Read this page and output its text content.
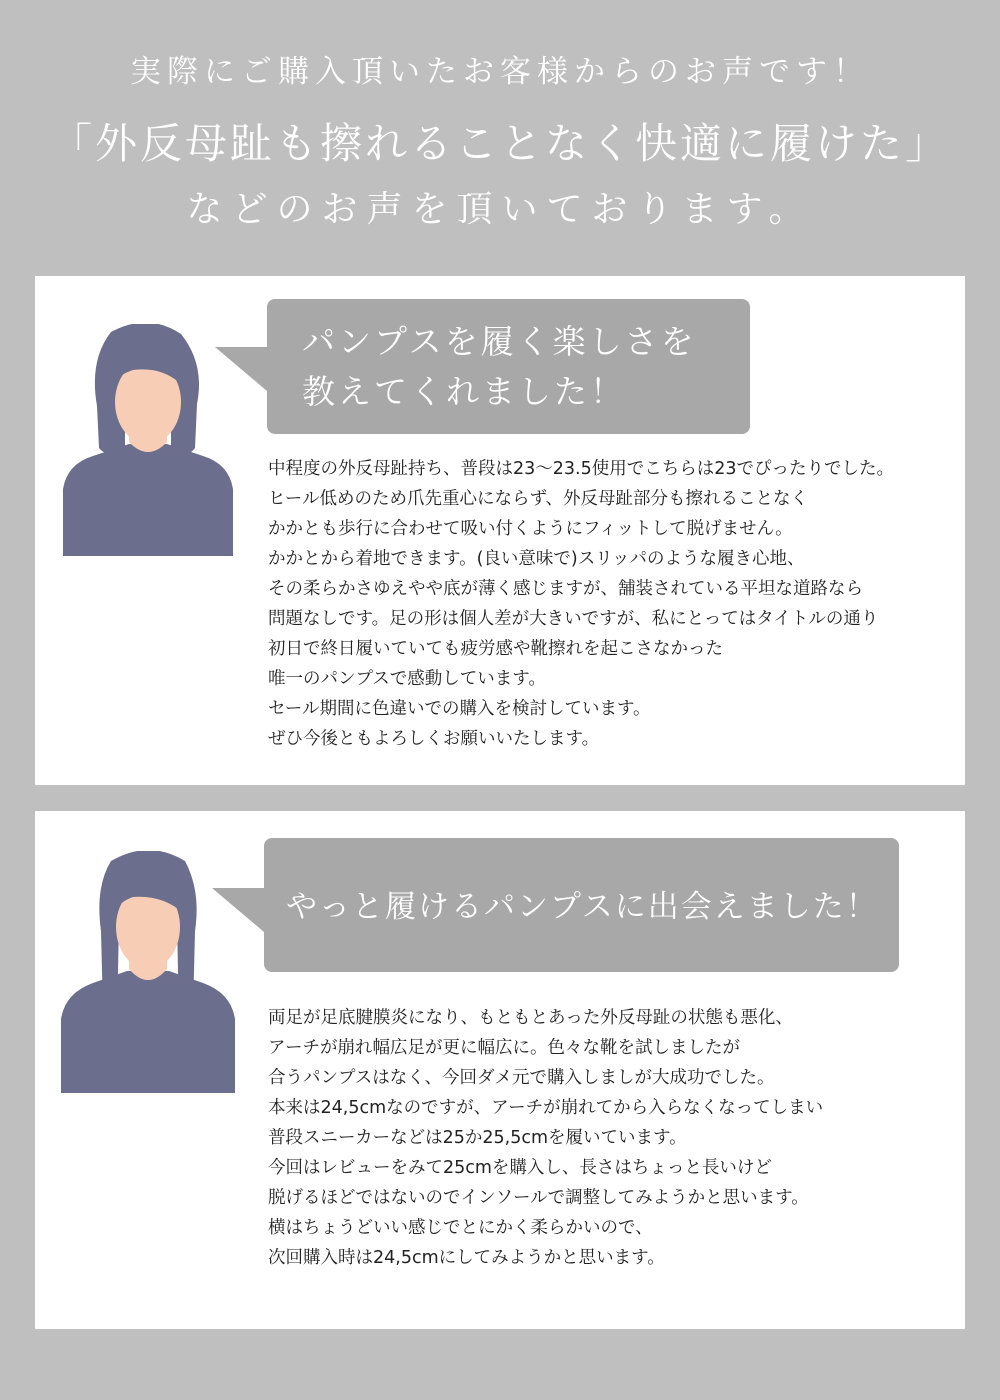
実際にご購入頂いたお客様からのお声です！
「外反母趾も擦れることなく快適に履けた」
などのお声を頂いております。
パンプスを履く楽しさを
教えてくれました！
中程度の外反母趾持ち、普段は23〜23.5使用でこちらは23でぴったりでした。
ヒール低めのため爪先重心にならず、外反母趾部分も擦れることなく
かかとも歩行に合わせて吸い付くようにフィットして脱げません。
かかとから着地できます。(良い意味で)スリッパのような履き心地、
その柔らかさゆえやや底が薄く感じますが、舗装されている平坦な道路なら
問題なしです。足の形は個人差が大きいですが、私にとってはタイトルの通り
初日で終日履いていても疲労感や靴擦れを起こさなかった
唯一のパンプスで感動しています。
セール期間に色違いでの購入を検討しています。
ぜひ今後ともよろしくお願いいたします。
やっと履けるパンプスに出会えました！
両足が足底腱膜炎になり、もともとあった外反母趾の状態も悪化、
アーチが崩れ幅広足が更に幅広に。色々な靴を試しましたが
合うパンプスはなく、今回ダメ元で購入しましが大成功でした。
本来は24,5cmなのですが、アーチが崩れてから入らなくなってしまい
普段スニーカーなどは25か25,5cmを履いています。
今回はレビューをみて25cmを購入し、長さはちょっと長いけど
脱げるほどではないのでインソールで調整してみようかと思います。
横はちょうどいい感じでとにかく柔らかいので、
次回購入時は24,5cmにしてみようかと思います。
